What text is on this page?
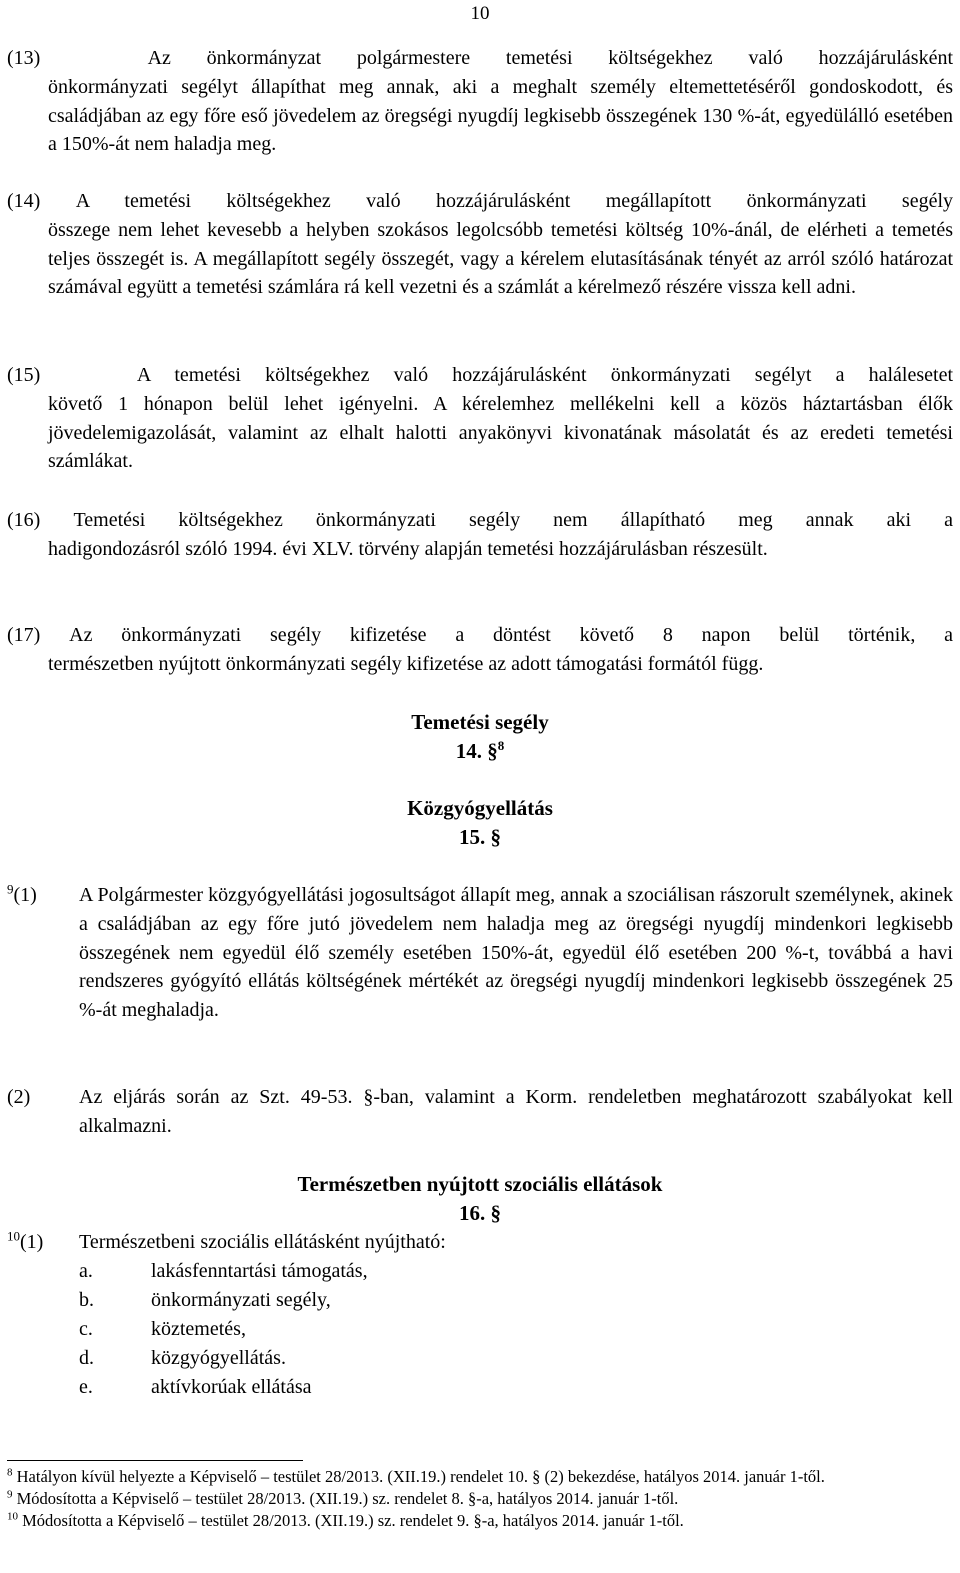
10
(13)	Az önkormányzat polgármestere temetési költségekhez való hozzájárulásként
önkormányzati segélyt állapíthat meg annak, aki a meghalt személy eltemettetéséről gondoskodott, és családjában az egy főre eső jövedelem az öregségi nyugdíj legkisebb összegének 130 %-át, egyedülálló esetében a 150%-át nem haladja meg.
(14) A temetési költségekhez való hozzájárulásként megállapított önkormányzati segély
összege nem lehet kevesebb a helyben szokásos legolcsóbb temetési költség 10%-ánál, de elérheti a temetés teljes összegét is. A megállapított segély összegét, vagy a kérelem elutasításának tényét az arról szóló határozat számával együtt a temetési számlára rá kell vezetni és a számlát a kérelmező részére vissza kell adni.
(15)	A temetési költségekhez való hozzájárulásként önkormányzati segélyt a halálesetet
követő 1 hónapon belül lehet igényelni. A kérelemhez mellékelni kell a közös háztartásban élők jövedelemigazolását, valamint az elhalt halotti anyakönyvi kivonatának másolatát és az eredeti temetési számlákat.
(16) Temetési költségekhez önkormányzati segély nem állapítható meg annak aki a
hadigondozásról szóló 1994. évi XLV. törvény alapján temetési hozzájárulásban részesült.
(17) Az önkormányzati segély kifizetése a döntést követő 8 napon belül történik, a
természetben nyújtott önkormányzati segély kifizetése az adott támogatási formától függ.
Temetési segély
14. §$^8$
Közgyógyellátás
15. §
$^9$(1)	A Polgármester közgyógyellátási jogosultságot állapít meg, annak a szociálisan rászorult személynek, akinek a családjában az egy főre jutó jövedelem nem haladja meg az öregségi nyugdíj mindenkori legkisebb összegének nem egyedül élő személy esetében 150%-át, egyedül élő esetében 200 %-t, továbbá a havi rendszeres gyógyító ellátás költségének mértékét az öregségi nyugdíj mindenkori legkisebb összegének 25 %-át meghaladja.
(2)	Az eljárás során az Szt. 49-53. §-ban, valamint a Korm. rendeletben meghatározott szabályokat kell alkalmazni.
Természetben nyújtott szociális ellátások
16. §
$^{10}$(1)	Természetbeni szociális ellátásként nyújtható:
a.	lakásfenntartási támogatás,
b.	önkormányzati segély,
c.	köztemetés,
d.	közgyógyellátás.
e.	aktívkorúak ellátása
$^8$ Hatályon kívül helyezte a Képviselő – testület 28/2013. (XII.19.) rendelet 10. § (2) bekezdése, hatályos 2014. január 1-től.
$^9$ Módosította a Képviselő – testület 28/2013. (XII.19.) sz. rendelet 8. §-a, hatályos 2014. január 1-től.
$^{10}$ Módosította a Képviselő – testület 28/2013. (XII.19.) sz. rendelet 9. §-a, hatályos 2014. január 1-től.
